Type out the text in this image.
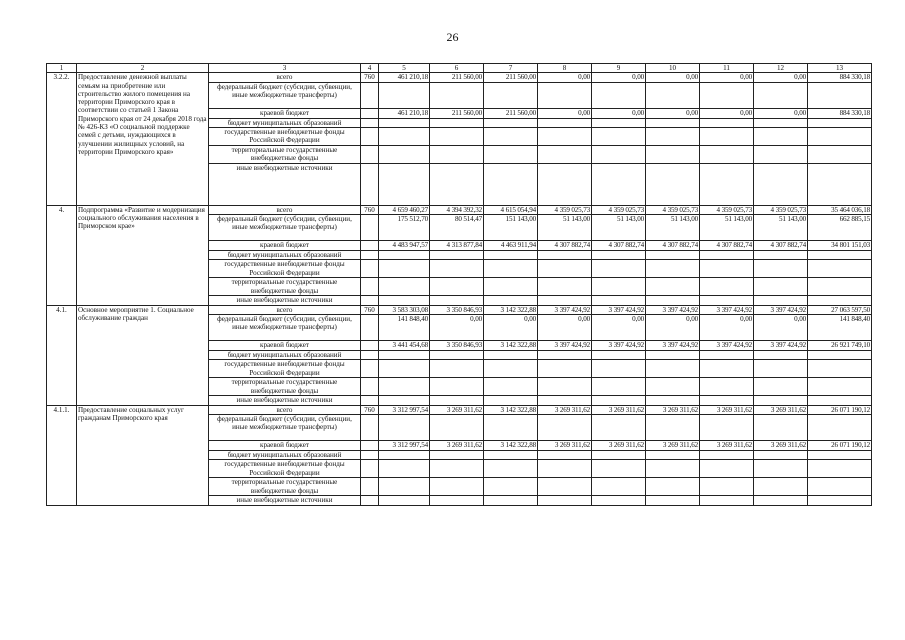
26
1	2	3	4	5	6	7	8	9	10	11	12	13
3.2.2.	Предоставление денежной выплаты семьям на приобретение или строительство жилого помещения на территории Приморского края в соответствии со статьей 1 Закона Приморского края от 24 декабря 2018 года № 426-КЗ «О социальной поддержке семей с детьми, нуждающихся в улучшении жилищных условий, на территории Приморского края»	всего	760	461 210,18	211 560,00	211 560,00	0,00	0,00	0,00	0,00	0,00	884 330,18
		федеральный бюджет (субсидии, субвенции, иные межбюджетные трансферты)										
		краевой бюджет		461 210,18	211 560,00	211 560,00	0,00	0,00	0,00	0,00	0,00	884 330,18
		бюджет муниципальных образований										
		государственные внебюджетные фонды Российской Федерации										
		территориальные государственные внебюджетные фонды										
		иные внебюджетные источники										
4.	Подпрограмма «Развитие и модернизация социального обслуживания населения в Приморском крае»	всего	760	4 659 460,27	4 394 392,32	4 615 054,94	4 359 025,73	4 359 025,73	4 359 025,73	4 359 025,73	4 359 025,73	35 464 036,18
		федеральный бюджет (субсидии, субвенции, иные межбюджетные трансферты)		175 512,70	80 514,47	151 143,00	51 143,00	51 143,00	51 143,00	51 143,00	51 143,00	662 885,15
		краевой бюджет		4 483 947,57	4 313 877,84	4 463 911,94	4 307 882,74	4 307 882,74	4 307 882,74	4 307 882,74	4 307 882,74	34 801 151,03
		бюджет муниципальных образований										
		государственные внебюджетные фонды Российской Федерации										
		территориальные государственные внебюджетные фонды										
		иные внебюджетные источники										
4.1.	Основное мероприятие 1. Социальное обслуживание граждан	всего	760	3 583 303,08	3 350 846,93	3 142 322,88	3 397 424,92	3 397 424,92	3 397 424,92	3 397 424,92	3 397 424,92	27 063 597,50
		федеральный бюджет (субсидии, субвенции, иные межбюджетные трансферты)		141 848,40	0,00	0,00	0,00	0,00	0,00	0,00	0,00	141 848,40
		краевой бюджет		3 441 454,68	3 350 846,93	3 142 322,88	3 397 424,92	3 397 424,92	3 397 424,92	3 397 424,92	3 397 424,92	26 921 749,10
		бюджет муниципальных образований										
		государственные внебюджетные фонды Российской Федерации										
		территориальные государственные внебюджетные фонды										
		иные внебюджетные источники										
4.1.1.	Предоставление социальных услуг гражданам Приморского края	всего	760	3 312 997,54	3 269 311,62	3 142 322,88	3 269 311,62	3 269 311,62	3 269 311,62	3 269 311,62	3 269 311,62	26 071 190,12
		федеральный бюджет (субсидии, субвенции, иные межбюджетные трансферты)										
		краевой бюджет		3 312 997,54	3 269 311,62	3 142 322,88	3 269 311,62	3 269 311,62	3 269 311,62	3 269 311,62	3 269 311,62	26 071 190,12
		бюджет муниципальных образований										
		государственные внебюджетные фонды Российской Федерации										
		территориальные государственные внебюджетные фонды										
		иные внебюджетные источники										
